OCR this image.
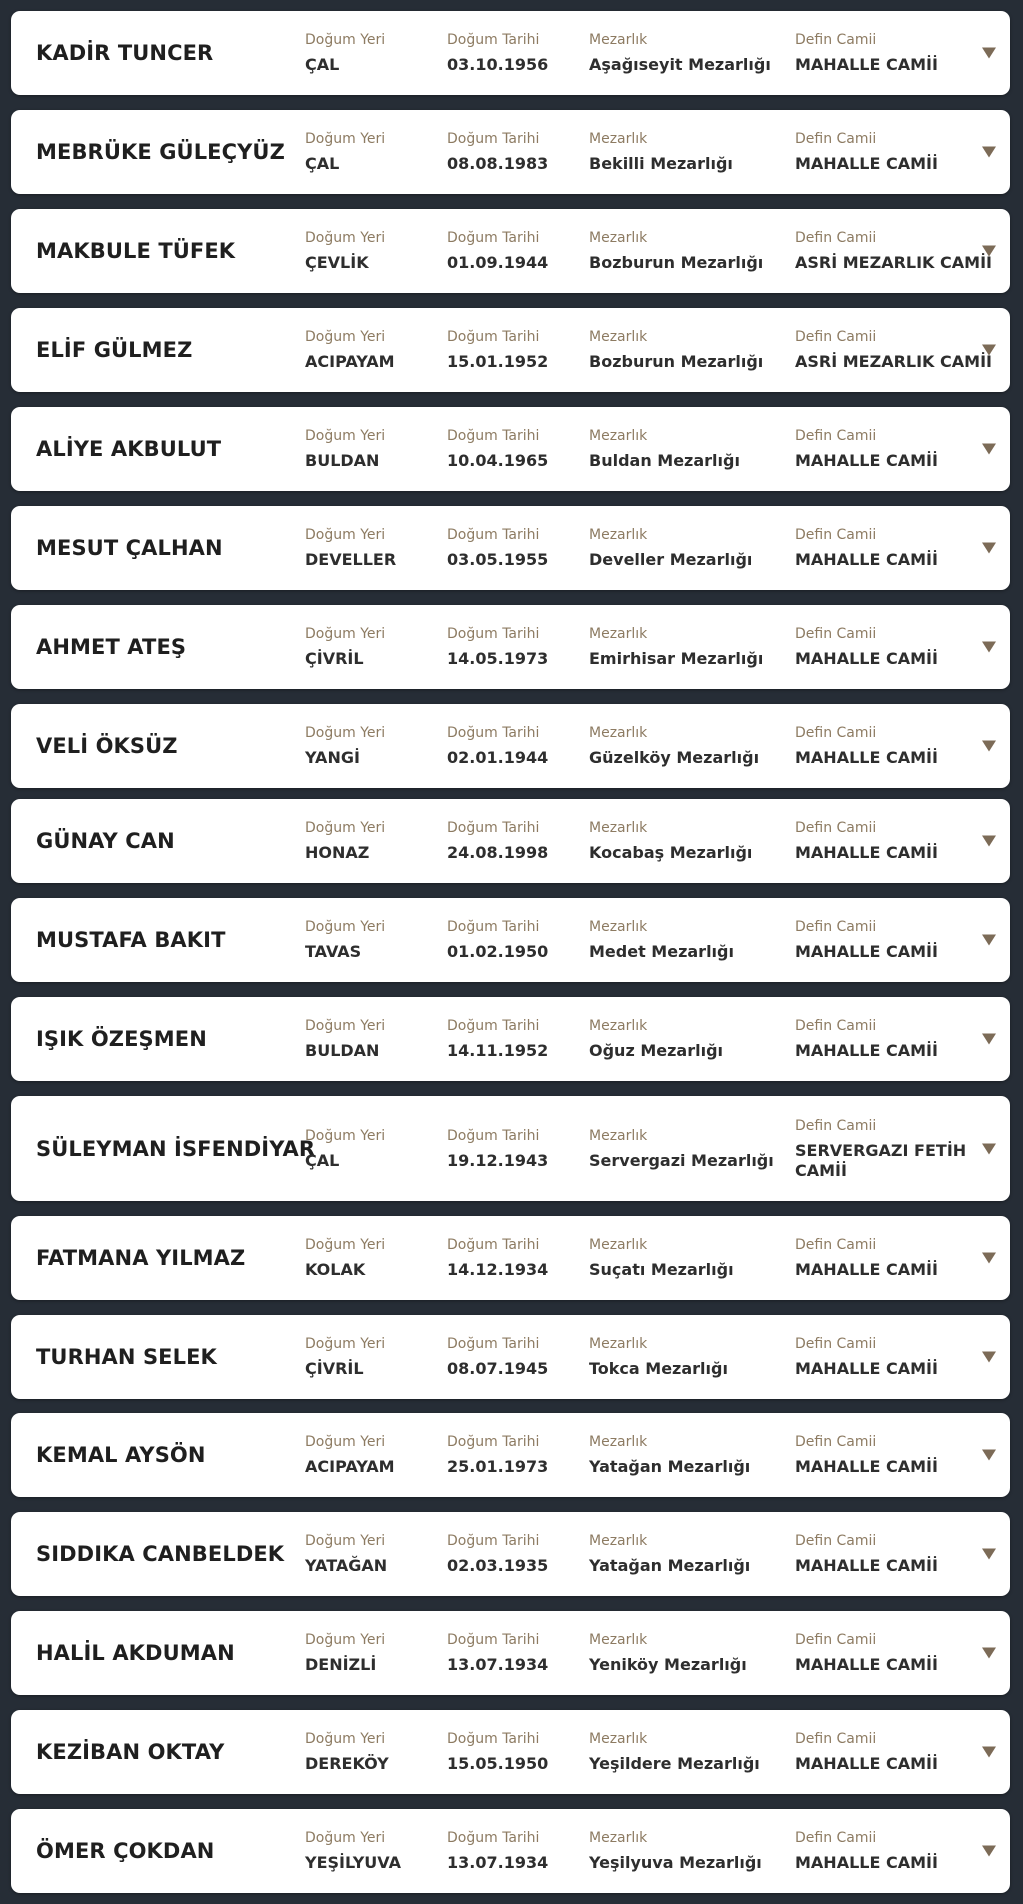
KADİR TUNCER
Doğum Yeri
ÇAL
Doğum Tarihi
03.10.1956
Mezarlık
Aşağıseyit Mezarlığı
Defin Camii
MAHALLE CAMİİ
MEBRÜKE GÜLEÇYÜZ
Doğum Yeri
ÇAL
Doğum Tarihi
08.08.1983
Mezarlık
Bekilli Mezarlığı
Defin Camii
MAHALLE CAMİİ
MAKBULE TÜFEK
Doğum Yeri
ÇEVLİK
Doğum Tarihi
01.09.1944
Mezarlık
Bozburun Mezarlığı
Defin Camii
ASRİ MEZARLIK CAMİİ
ELİF GÜLMEZ
Doğum Yeri
ACIPAYAM
Doğum Tarihi
15.01.1952
Mezarlık
Bozburun Mezarlığı
Defin Camii
ASRİ MEZARLIK CAMİİ
ALİYE AKBULUT
Doğum Yeri
BULDAN
Doğum Tarihi
10.04.1965
Mezarlık
Buldan Mezarlığı
Defin Camii
MAHALLE CAMİİ
MESUT ÇALHAN
Doğum Yeri
DEVELLER
Doğum Tarihi
03.05.1955
Mezarlık
Develler Mezarlığı
Defin Camii
MAHALLE CAMİİ
AHMET ATEŞ
Doğum Yeri
ÇİVRİL
Doğum Tarihi
14.05.1973
Mezarlık
Emirhisar Mezarlığı
Defin Camii
MAHALLE CAMİİ
VELİ ÖKSÜZ
Doğum Yeri
YANGİ
Doğum Tarihi
02.01.1944
Mezarlık
Güzelköy Mezarlığı
Defin Camii
MAHALLE CAMİİ
GÜNAY CAN
Doğum Yeri
HONAZ
Doğum Tarihi
24.08.1998
Mezarlık
Kocabaş Mezarlığı
Defin Camii
MAHALLE CAMİİ
MUSTAFA BAKIT
Doğum Yeri
TAVAS
Doğum Tarihi
01.02.1950
Mezarlık
Medet Mezarlığı
Defin Camii
MAHALLE CAMİİ
IŞIK ÖZEŞMEN
Doğum Yeri
BULDAN
Doğum Tarihi
14.11.1952
Mezarlık
Oğuz Mezarlığı
Defin Camii
MAHALLE CAMİİ
SÜLEYMAN İSFENDİYAR
Doğum Yeri
ÇAL
Doğum Tarihi
19.12.1943
Mezarlık
Servergazi Mezarlığı
Defin Camii
SERVERGAZI FETİH CAMİİ
FATMANA YILMAZ
Doğum Yeri
KOLAK
Doğum Tarihi
14.12.1934
Mezarlık
Suçatı Mezarlığı
Defin Camii
MAHALLE CAMİİ
TURHAN SELEK
Doğum Yeri
ÇİVRİL
Doğum Tarihi
08.07.1945
Mezarlık
Tokca Mezarlığı
Defin Camii
MAHALLE CAMİİ
KEMAL AYSÖN
Doğum Yeri
ACIPAYAM
Doğum Tarihi
25.01.1973
Mezarlık
Yatağan Mezarlığı
Defin Camii
MAHALLE CAMİİ
SIDDIKA CANBELDEK
Doğum Yeri
YATAĞAN
Doğum Tarihi
02.03.1935
Mezarlık
Yatağan Mezarlığı
Defin Camii
MAHALLE CAMİİ
HALİL AKDUMAN
Doğum Yeri
DENİZLİ
Doğum Tarihi
13.07.1934
Mezarlık
Yeniköy Mezarlığı
Defin Camii
MAHALLE CAMİİ
KEZİBAN OKTAY
Doğum Yeri
DEREKÖY
Doğum Tarihi
15.05.1950
Mezarlık
Yeşildere Mezarlığı
Defin Camii
MAHALLE CAMİİ
ÖMER ÇOKDAN
Doğum Yeri
YEŞİLYUVA
Doğum Tarihi
13.07.1934
Mezarlık
Yeşilyuva Mezarlığı
Defin Camii
MAHALLE CAMİİ
